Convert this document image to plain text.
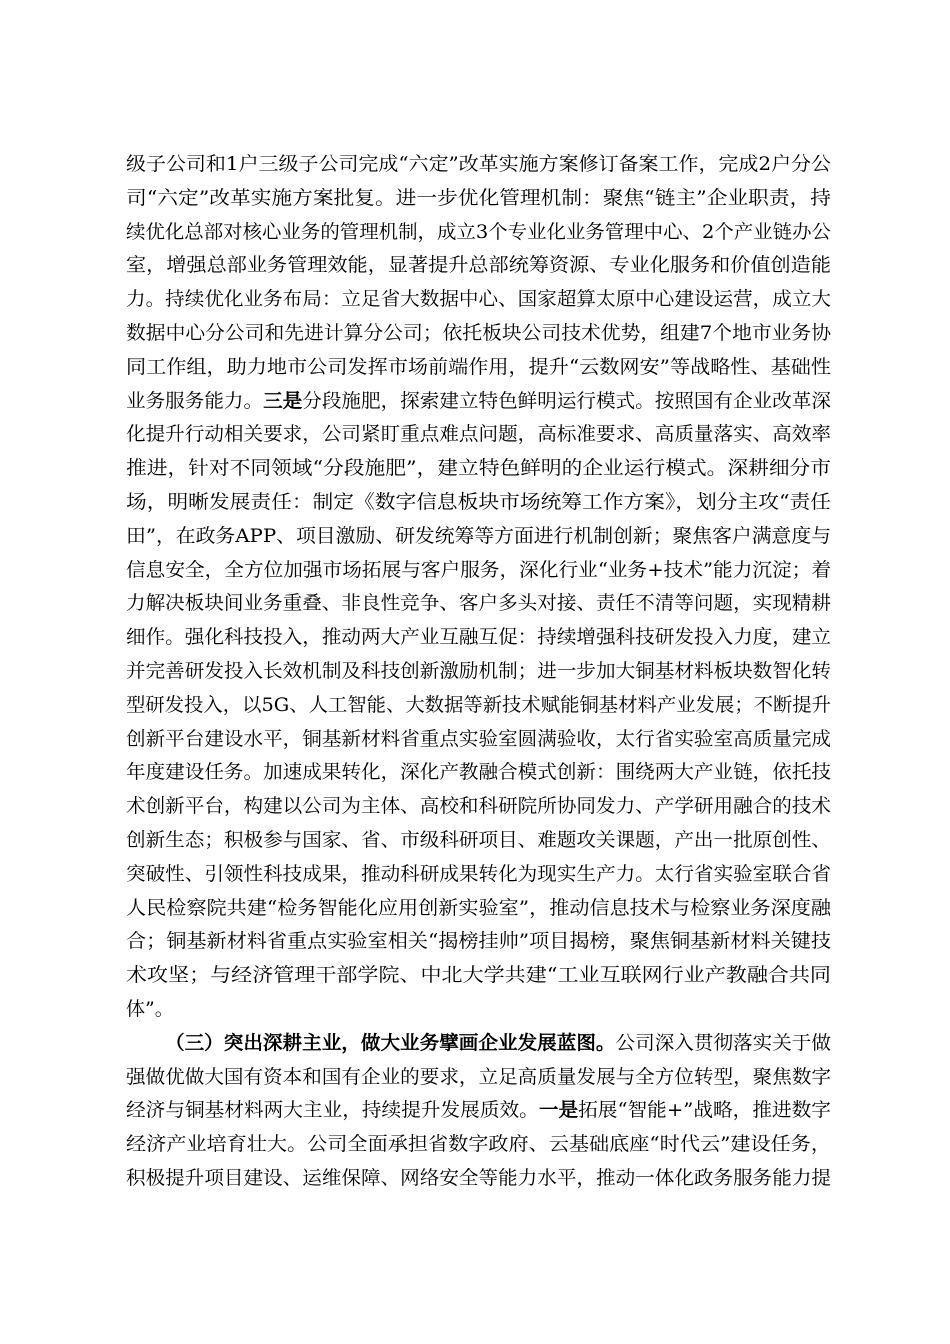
级子公司和1户三级子公司完成“六定”改革实施方案修订备案工作，完成2户分公
司“六定”改革实施方案批复。进一步优化管理机制：聚焦“链主”企业职责，持
续优化总部对核心业务的管理机制，成立3个专业化业务管理中心、2个产业链办公
室，增强总部业务管理效能，显著提升总部统筹资源、专业化服务和价值创造能
力。持续优化业务布局：立足省大数据中心、国家超算太原中心建设运营，成立大
数据中心分公司和先进计算分公司；依托板块公司技术优势，组建7个地市业务协
同工作组，助力地市公司发挥市场前端作用，提升“云数网安”等战略性、基础性
业务服务能力。三是分段施肥，探索建立特色鲜明运行模式。按照国有企业改革深
化提升行动相关要求，公司紧盯重点难点问题，高标准要求、高质量落实、高效率
推进，针对不同领域“分段施肥”，建立特色鲜明的企业运行模式。深耕细分市
场，明晰发展责任：制定《数字信息板块市场统筹工作方案》，划分主攻“责任
田”，在政务APP、项目激励、研发统筹等方面进行机制创新；聚焦客户满意度与
信息安全，全方位加强市场拓展与客户服务，深化行业“业务+技术”能力沉淀；着
力解决板块间业务重叠、非良性竞争、客户多头对接、责任不清等问题，实现精耕
细作。强化科技投入，推动两大产业互融互促：持续增强科技研发投入力度，建立
并完善研发投入长效机制及科技创新激励机制；进一步加大铜基材料板块数智化转
型研发投入，以5G、人工智能、大数据等新技术赋能铜基材料产业发展；不断提升
创新平台建设水平，铜基新材料省重点实验室圆满验收，太行省实验室高质量完成
年度建设任务。加速成果转化，深化产教融合模式创新：围绕两大产业链，依托技
术创新平台，构建以公司为主体、高校和科研院所协同发力、产学研用融合的技术
创新生态；积极参与国家、省、市级科研项目、难题攻关课题，产出一批原创性、
突破性、引领性科技成果，推动科研成果转化为现实生产力。太行省实验室联合省
人民检察院共建“检务智能化应用创新实验室”，推动信息技术与检察业务深度融
合；铜基新材料省重点实验室相关“揭榜挂帅”项目揭榜，聚焦铜基新材料关键技
术攻坚；与经济管理干部学院、中北大学共建“工业互联网行业产教融合共同
体”。
（三）突出深耕主业，做大业务擘画企业发展蓝图。公司深入贯彻落实关于做
强做优做大国有资本和国有企业的要求，立足高质量发展与全方位转型，聚焦数字
经济与铜基材料两大主业，持续提升发展质效。一是拓展“智能+”战略，推进数字
经济产业培育壮大。公司全面承担省数字政府、云基础底座“时代云”建设任务，
积极提升项目建设、运维保障、网络安全等能力水平，推动一体化政务服务能力提
